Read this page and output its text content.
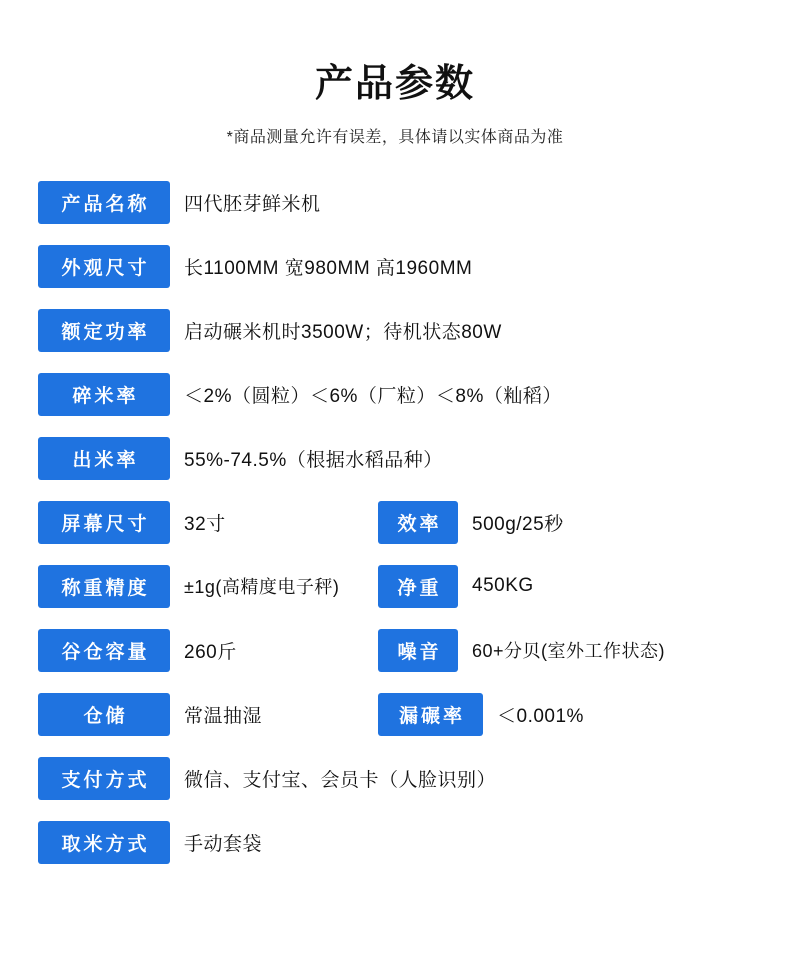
产品参数
*商品测量允许有误差，具体请以实体商品为准
产品名称	四代胚芽鲜米机
外观尺寸	长1100MM 宽980MM 高1960MM
额定功率	启动碾米机时3500W；待机状态80W
碎米率	＜2%（圆粒）＜6%（厂粒）＜8%（籼稻）
出米率	55%-74.5%（根据水稻品种）
屏幕尺寸	32寸	效率	500g/25秒
称重精度	±1g(高精度电子秤)	净重	450KG
谷仓容量	260斤	噪音	60+分贝(室外工作状态)
仓储	常温抽湿	漏碾率	＜0.001%
支付方式	微信、支付宝、会员卡（人脸识别）
取米方式	手动套袋
